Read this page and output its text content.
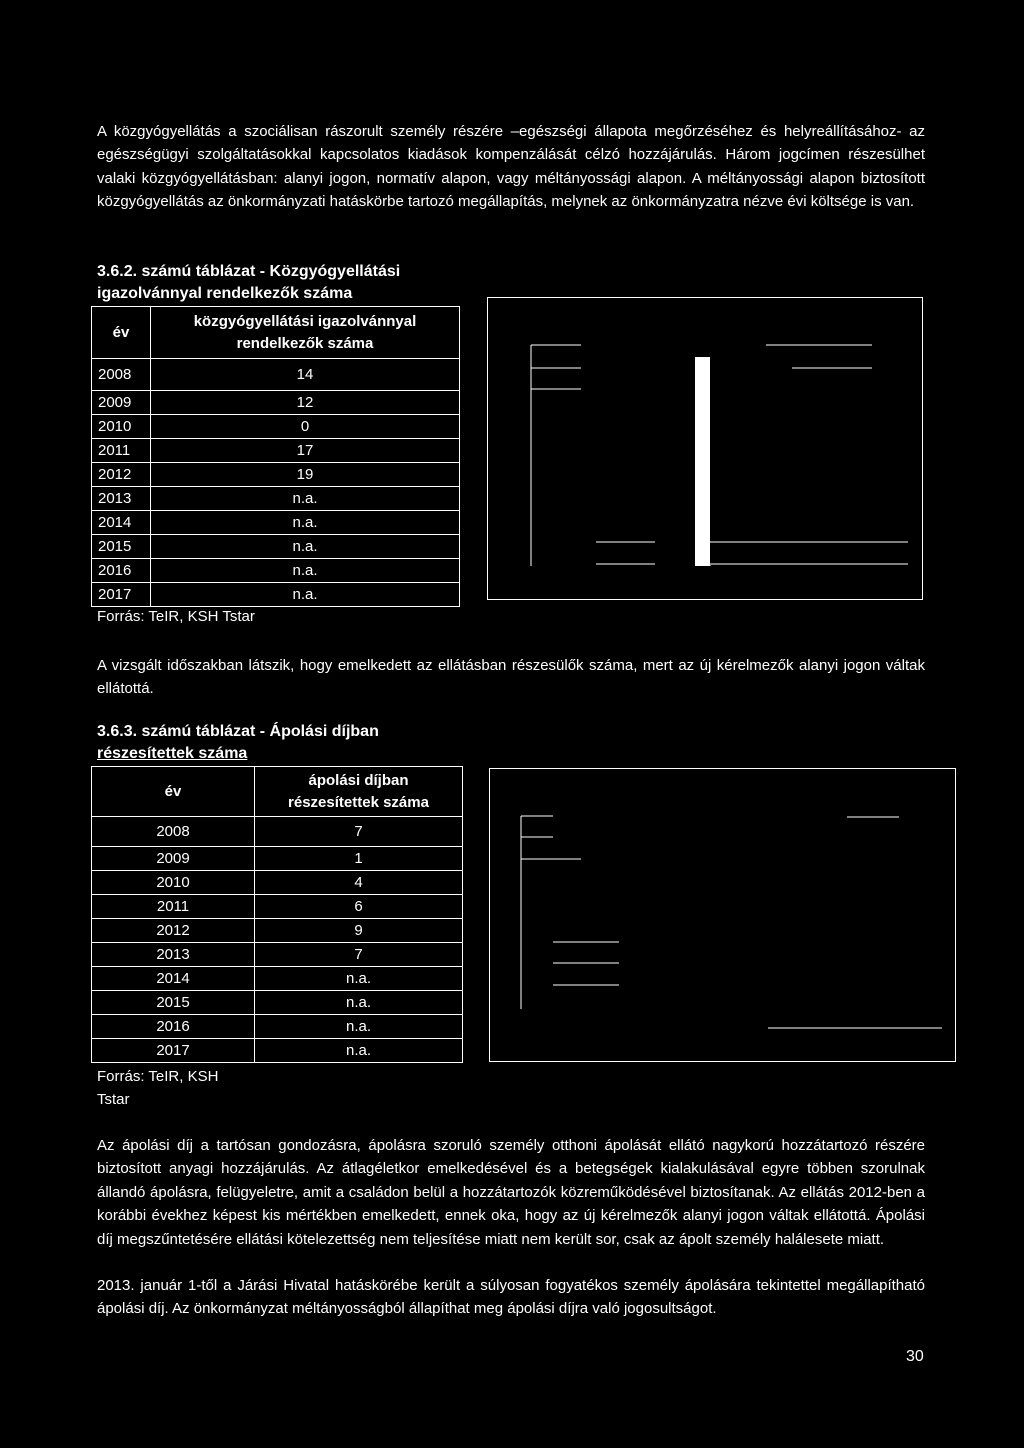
A közgyógyellátás a szociálisan rászorult személy részére –egészségi állapota megőrzéséhez és helyreállításához- az egészségügyi szolgáltatásokkal kapcsolatos kiadások kompenzálását célzó hozzájárulás. Három jogcímen részesülhet valaki közgyógyellátásban: alanyi jogon, normatív alapon, vagy méltányossági alapon. A méltányossági alapon biztosított közgyógyellátás az önkormányzati hatáskörbe tartozó megállapítás, melynek az önkormányzatra nézve évi költsége is van.

3.6.2. számú táblázat - Közgyógyellátási
igazolvánnyal rendelkezők száma
év	közgyógyellátási igazolvánnyal
rendelkezők száma
2008	14
2009	12
2010	0
2011	17
2012	19
2013	n.a.
2014	n.a.
2015	n.a.
2016	n.a.
2017	n.a.
Forrás: TeIR, KSH Tstar

A vizsgált időszakban látszik, hogy emelkedett az ellátásban részesülők száma, mert az új kérelmezők alanyi jogon váltak ellátottá.

3.6.3. számú táblázat - Ápolási díjban
részesítettek száma
év	ápolási díjban
részesítettek száma
2008	7
2009	1
2010	4
2011	6
2012	9
2013	7
2014	n.a.
2015	n.a.
2016	n.a.
2017	n.a.
Forrás: TeIR, KSH
Tstar

Az ápolási díj a tartósan gondozásra, ápolásra szoruló személy otthoni ápolását ellátó nagykorú hozzátartozó részére biztosított anyagi hozzájárulás. Az átlagéletkor emelkedésével és a betegségek kialakulásával egyre többen szorulnak állandó ápolásra, felügyeletre, amit a családon belül a hozzátartozók közreműködésével biztosítanak. Az ellátás 2012-ben a korábbi évekhez képest kis mértékben emelkedett, ennek oka, hogy az új kérelmezők alanyi jogon váltak ellátottá. Ápolási díj megszűntetésére ellátási kötelezettség nem teljesítése miatt nem került sor, csak az ápolt személy halálesete miatt.

2013. január 1-től a Járási Hivatal hatáskörébe került a súlyosan fogyatékos személy ápolására tekintettel megállapítható ápolási díj. Az önkormányzat méltányosságból állapíthat meg ápolási díjra való jogosultságot.

30
